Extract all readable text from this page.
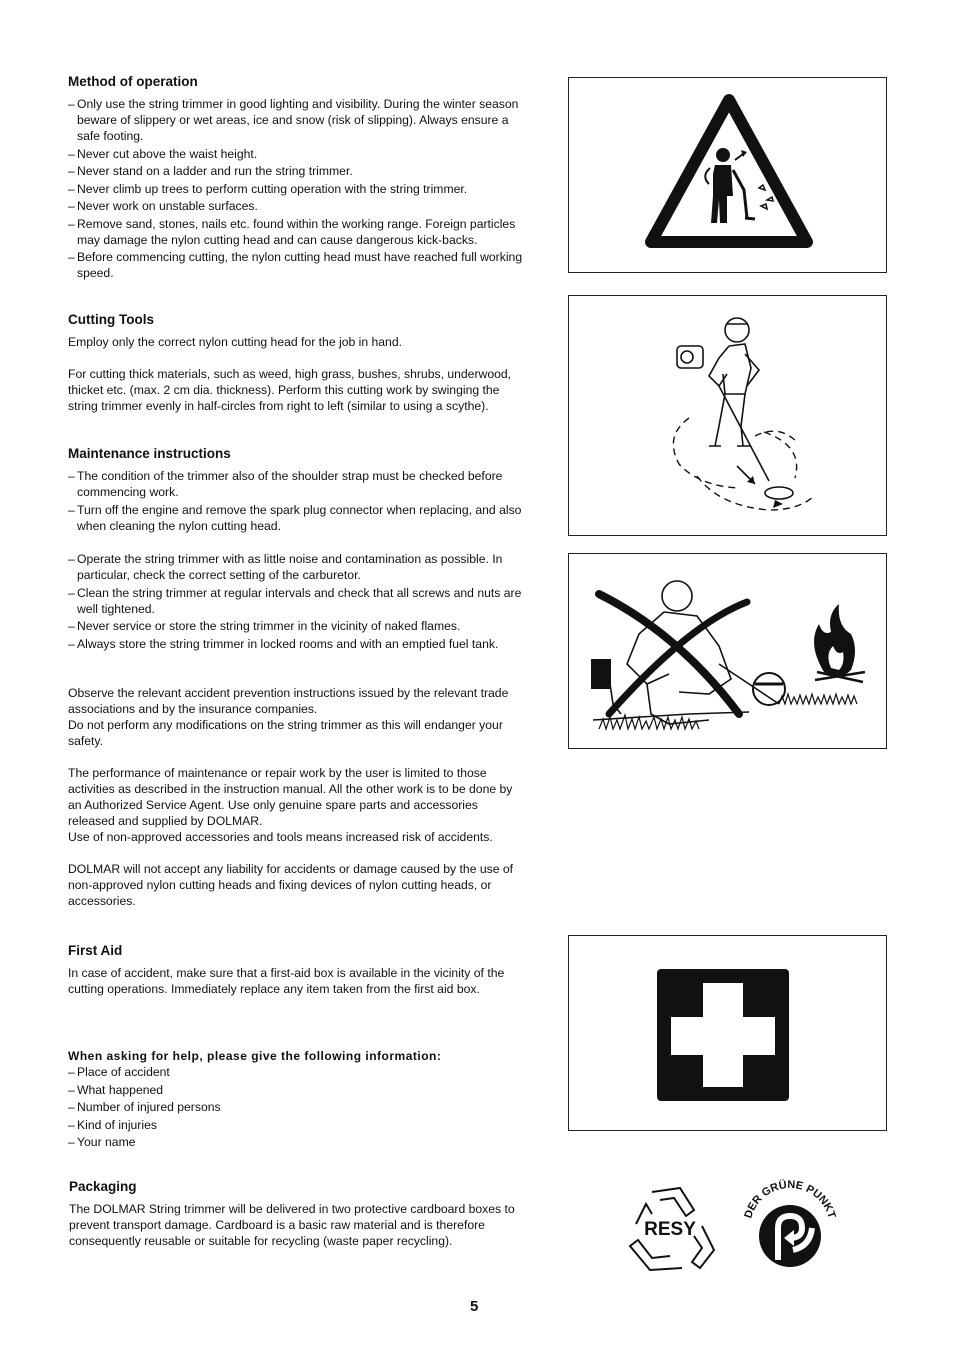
Method of operation
– Only use the string trimmer in good lighting and visibility. During the winter season beware of slippery or wet areas, ice and snow (risk of slipping). Always ensure a safe footing.
– Never cut above the waist height.
– Never stand on a ladder and run the string trimmer.
– Never climb up trees to perform cutting operation with the string trimmer.
– Never work on unstable surfaces.
– Remove sand, stones, nails etc. found within the working range. Foreign particles may damage the nylon cutting head and can cause dangerous kick-backs.
– Before commencing cutting, the nylon cutting head must have reached full working speed.
Cutting Tools

Employ only the correct nylon cutting head for the job in hand.

For cutting thick materials, such as weed, high grass, bushes, shrubs, underwood, thicket etc. (max. 2 cm dia. thickness). Perform this cutting work by swinging the string trimmer evenly in half-circles from right to left (similar to using a scythe).

Maintenance instructions
– The condition of the trimmer also of the shoulder strap must be checked before commencing work.
– Turn off the engine and remove the spark plug connector when replacing, and also when cleaning the nylon cutting head.
– Operate the string trimmer with as little noise and contamination as possible. In particular, check the correct setting of the carburetor.
– Clean the string trimmer at regular intervals and check that all screws and nuts are well tightened.
– Never service or store the string trimmer in the vicinity of naked flames.
– Always store the string trimmer in locked rooms and with an emptied fuel tank.

Observe the relevant accident prevention instructions issued by the relevant trade associations and by the insurance companies.

Do not perform any modifications on the string trimmer as this will endanger your safety.

The performance of maintenance or repair work by the user is limited to those activities as described in the instruction manual. All the other work is to be done by an Authorized Service Agent. Use only genuine spare parts and accessories released and supplied by DOLMAR.

Use of non-approved accessories and tools means increased risk of accidents.

DOLMAR will not accept any liability for accidents or damage caused by the use of non-approved nylon cutting heads and fixing devices of nylon cutting heads, or accessories.

First Aid

In case of accident, make sure that a first-aid box is available in the vicinity of the cutting operations. Immediately replace any item taken from the first aid box.

When asking for help, please give the following information:

– Place of accident
– What happened
– Number of injured persons
– Kind of injuries
– Your name
Packaging

The DOLMAR String trimmer will be delivered in two protective cardboard boxes to prevent transport damage. Cardboard is a basic raw material and is therefore consequently reusable or suitable for recycling (waste paper recycling).

RESY
DER GRÜNE PUNKT
5
